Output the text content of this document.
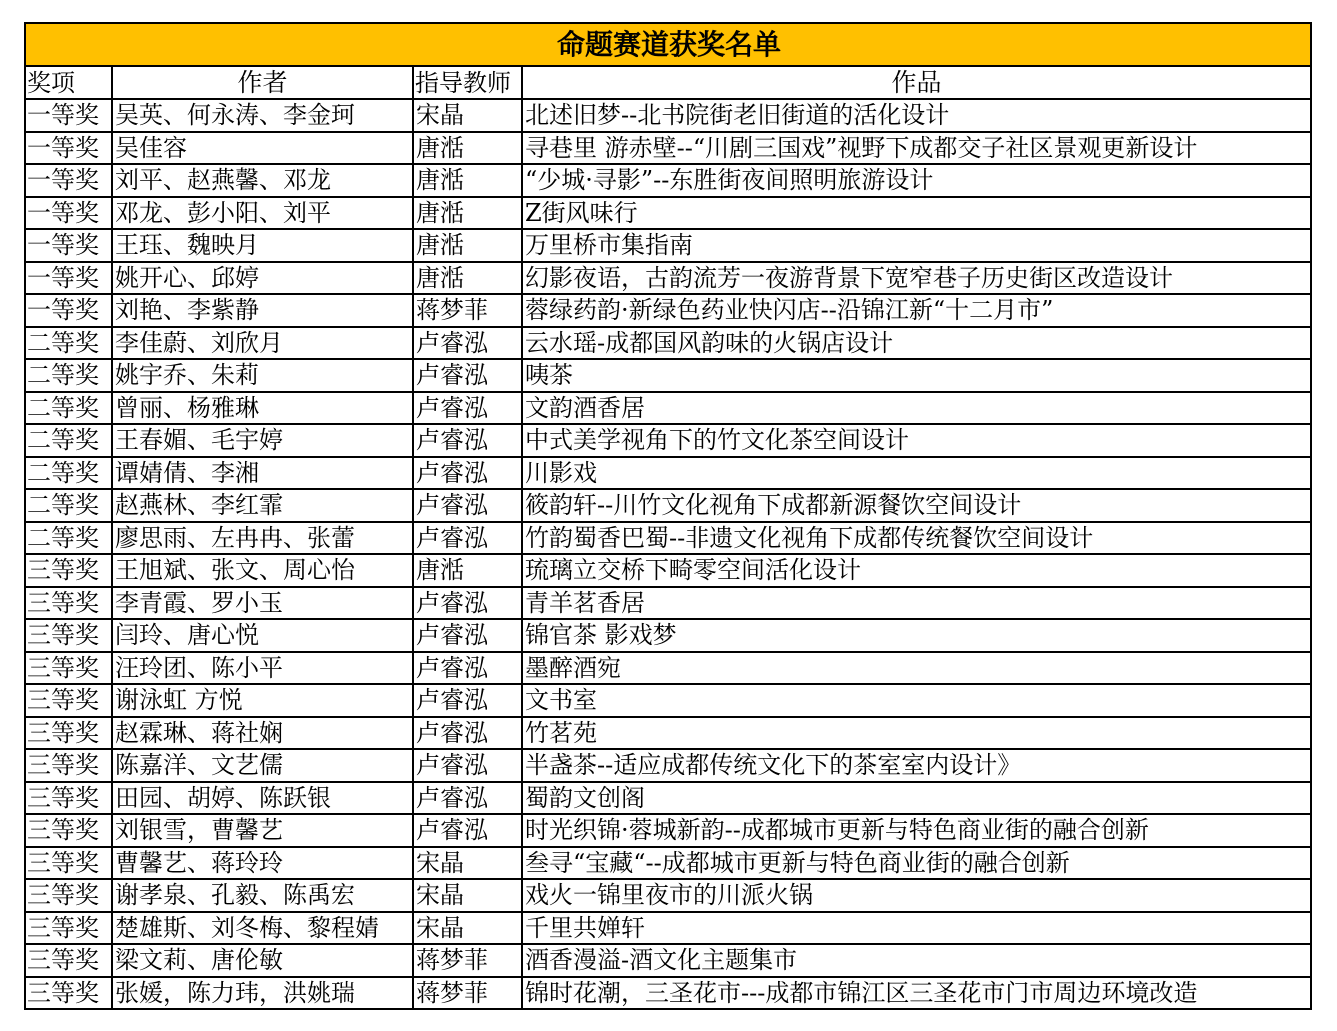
命题赛道获奖名单			
奖项	作者	指导教师	作品
一等奖	吴英、何永涛、李金珂	宋晶	北述旧梦--北书院街老旧街道的活化设计
一等奖	吴佳容	唐湉	寻巷里 游赤壁--“川剧三国戏”视野下成都交子社区景观更新设计
一等奖	刘平、赵燕馨、邓龙	唐湉	“少城·寻影”--东胜街夜间照明旅游设计
一等奖	邓龙、彭小阳、刘平	唐湉	Z街风味行
一等奖	王珏、魏映月	唐湉	万里桥市集指南
一等奖	姚开心、邱婷	唐湉	幻影夜语，古韵流芳一夜游背景下宽窄巷子历史街区改造设计
一等奖	刘艳、李紫静	蒋梦菲	蓉绿药韵·新绿色药业快闪店--沿锦江新“十二月市”
二等奖	李佳蔚、刘欣月	卢睿泓	云水瑶-成都国风韵味的火锅店设计
二等奖	姚宇乔、朱莉	卢睿泓	咦茶
二等奖	曾丽、杨雅琳	卢睿泓	文韵酒香居
二等奖	王春媚、毛宇婷	卢睿泓	中式美学视角下的竹文化茶空间设计
二等奖	谭婧倩、李湘	卢睿泓	川影戏
二等奖	赵燕林、李红霏	卢睿泓	筱韵轩--川竹文化视角下成都新源餐饮空间设计
二等奖	廖思雨、左冉冉、张蕾	卢睿泓	竹韵蜀香巴蜀--非遗文化视角下成都传统餐饮空间设计
三等奖	王旭斌、张文、周心怡	唐湉	琉璃立交桥下畸零空间活化设计
三等奖	李青霞、罗小玉	卢睿泓	青羊茗香居
三等奖	闫玲、唐心悦	卢睿泓	锦官茶 影戏梦
三等奖	汪玲团、陈小平	卢睿泓	墨醉酒宛
三等奖	谢泳虹 方悦	卢睿泓	文书室
三等奖	赵霖琳、蒋社娴	卢睿泓	竹茗苑
三等奖	陈嘉洋、文艺儒	卢睿泓	半盏茶--适应成都传统文化下的茶室室内设计》
三等奖	田园、胡婷、陈跃银	卢睿泓	蜀韵文创阁
三等奖	刘银雪，曹馨艺	卢睿泓	时光织锦·蓉城新韵--成都城市更新与特色商业街的融合创新
三等奖	曹馨艺、蒋玲玲	宋晶	叁寻“宝藏“--成都城市更新与特色商业街的融合创新
三等奖	谢孝泉、孔毅、陈禹宏	宋晶	戏火一锦里夜市的川派火锅
三等奖	楚雄斯、刘冬梅、黎程婧	宋晶	千里共婵轩
三等奖	梁文莉、唐伦敏	蒋梦菲	酒香漫溢-酒文化主题集市
三等奖	张媛，陈力玮，洪姚瑞	蒋梦菲	锦时花潮，三圣花市---成都市锦江区三圣花市门市周边环境改造
